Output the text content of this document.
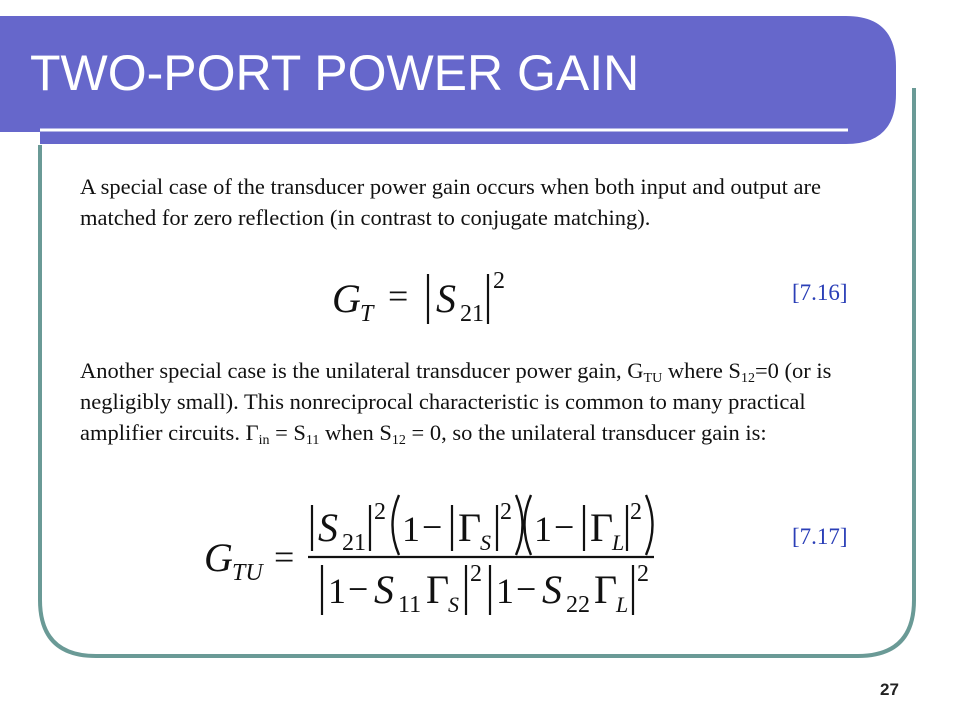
TWO-PORT POWER GAIN
A special case of the transducer power gain occurs when both input and output are matched for zero reflection (in contrast to conjugate matching).
G T = S 21
2	[7.16]
Another special case is the unilateral transducer power gain, $G_{TU}$ where $S_{12}=0$ (or is negligibly small). This nonreciprocal characteristic is common to many practical amplifier circuits. $\Gamma_{in} = S_{11}$ when $S_{12} = 0$, so the unilateral transducer gain is:
G TU =
S 21
2 1 − Γ
S
2 1 − Γ
L
2
1 − S 11 Γ
S
2 1 − S 22 Γ
L
2
[7.17]
27
